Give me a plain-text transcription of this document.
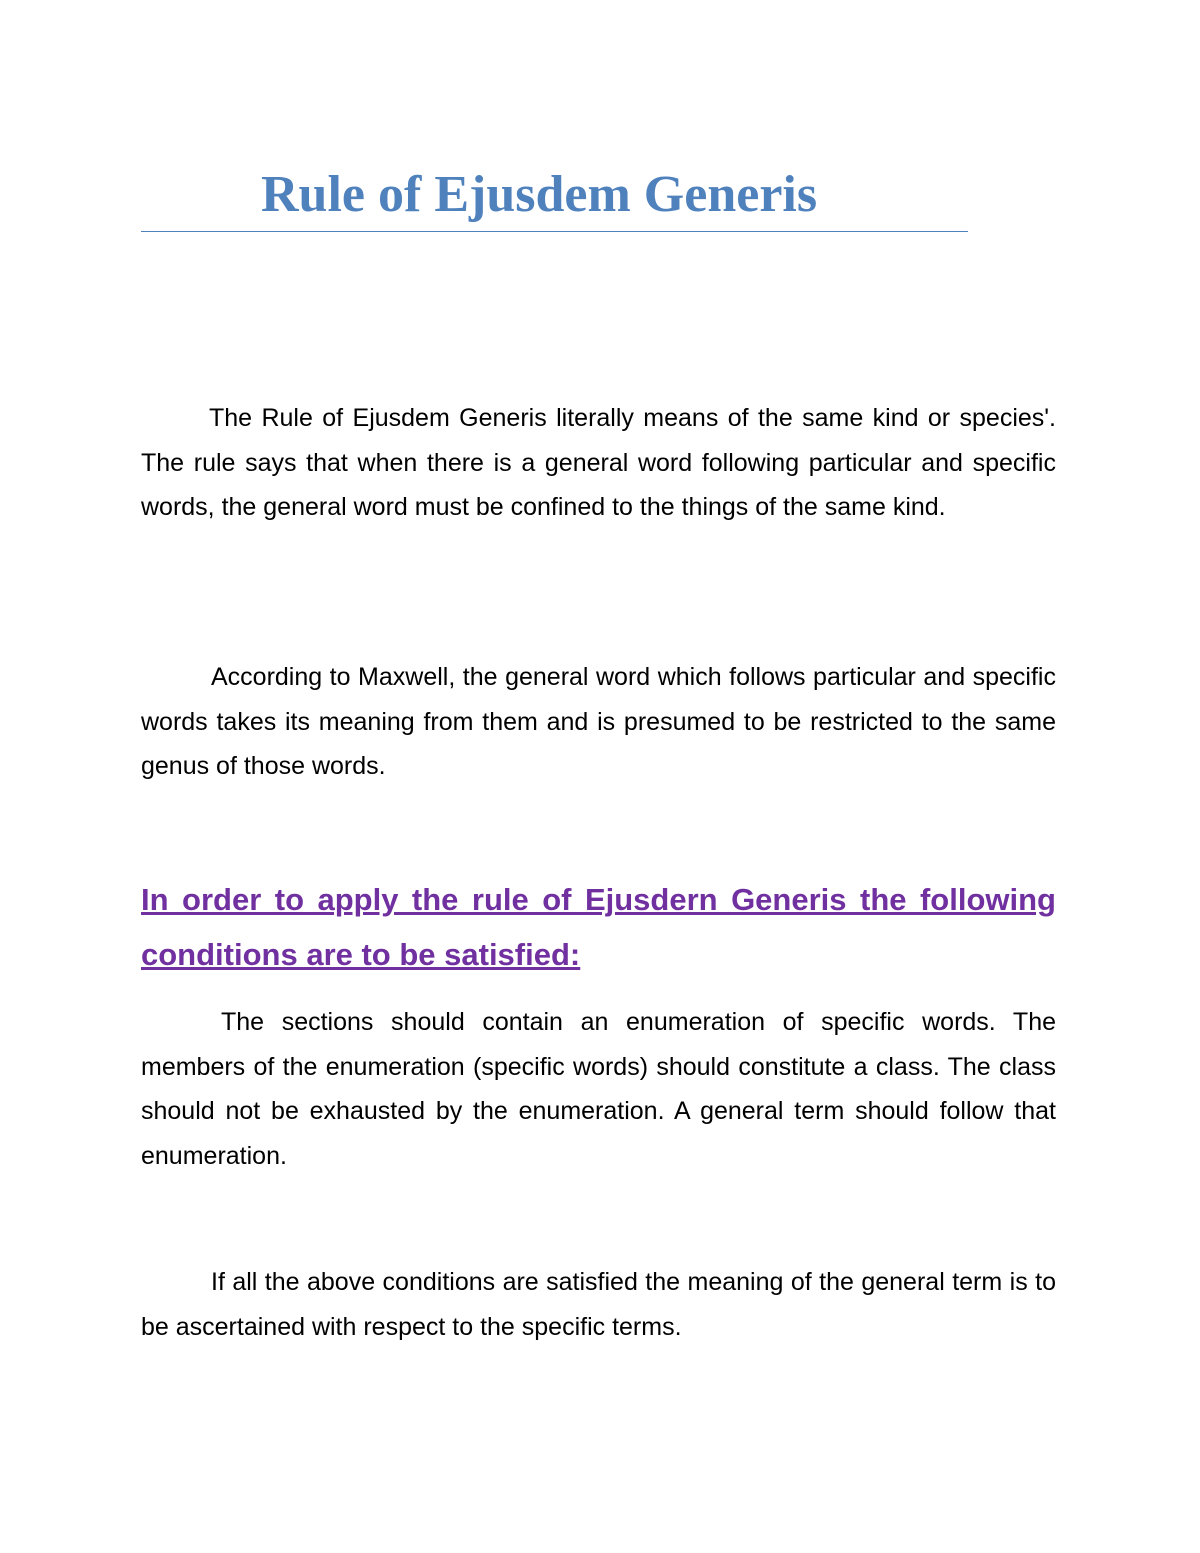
Rule of Ejusdem Generis

The Rule of Ejusdem Generis literally means of the same kind or species'. The rule says that when there is a general word following particular and specific words, the general word must be confined to the things of the same kind.

According to Maxwell, the general word which follows particular and specific words takes its meaning from them and is presumed to be restricted to the same genus of those words.

In order to apply the rule of Ejusdern Generis the following conditions are to be satisfied:

The sections should contain an enumeration of specific words. The members of the enumeration (specific words) should constitute a class. The class should not be exhausted by the enumeration. A general term should follow that enumeration.

If all the above conditions are satisfied the meaning of the general term is to be ascertained with respect to the specific terms.
